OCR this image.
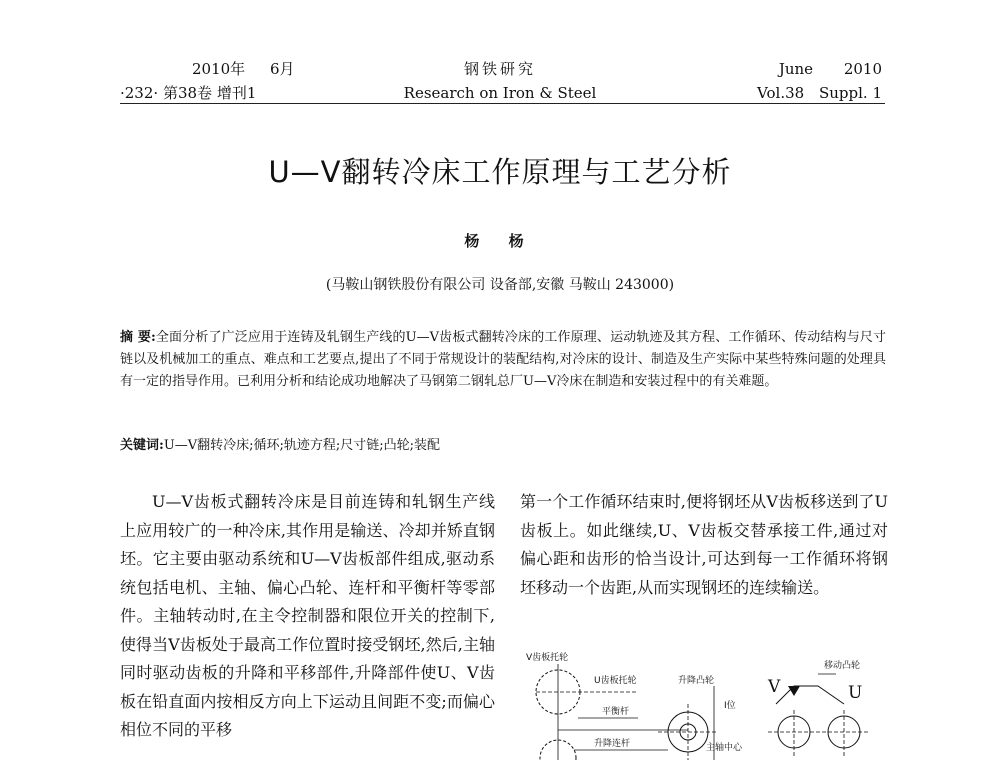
2010年 6月
·232· 第38卷 增刊1
钢铁研究
Research on Iron & Steel
June 2010
Vol.38 Suppl. 1
U—V翻转冷床工作原理与工艺分析
杨 杨
(马鞍山钢铁股份有限公司 设备部,安徽 马鞍山 243000)
摘 要:全面分析了广泛应用于连铸及轧钢生产线的U—V齿板式翻转冷床的工作原理、运动轨迹及其方程、工作循环、传动结构与尺寸链以及机械加工的重点、难点和工艺要点,提出了不同于常规设计的装配结构,对冷床的设计、制造及生产实际中某些特殊问题的处理具有一定的指导作用。已利用分析和结论成功地解决了马钢第二钢轧总厂U—V冷床在制造和安装过程中的有关难题。
关键词:U—V翻转冷床;循环;轨迹方程;尺寸链;凸轮;装配
U—V齿板式翻转冷床是目前连铸和轧钢生产线上应用较广的一种冷床,其作用是输送、冷却并矫直钢坯。它主要由驱动系统和U—V齿板部件组成,驱动系统包括电机、主轴、偏心凸轮、连杆和平衡杆等零部件。主轴转动时,在主令控制器和限位开关的控制下,使得当V齿板处于最高工作位置时接受钢坯,然后,主轴同时驱动齿板的升降和平移部件,升降部件使U、V齿板在铅直面内按相反方向上下运动且间距不变;而偏心相位不同的平移
第一个工作循环结束时,便将钢坯从V齿板移送到了U齿板上。如此继续,U、V齿板交替承接工件,通过对偏心距和齿形的恰当设计,可达到每一工作循环将钢坯移动一个齿距,从而实现钢坯的连续输送。
V齿板托轮
U齿板托轮	升降凸轮
移动凸轮
平衡杆
升降连杆	主轴中心
Ⅰ位
V	U
